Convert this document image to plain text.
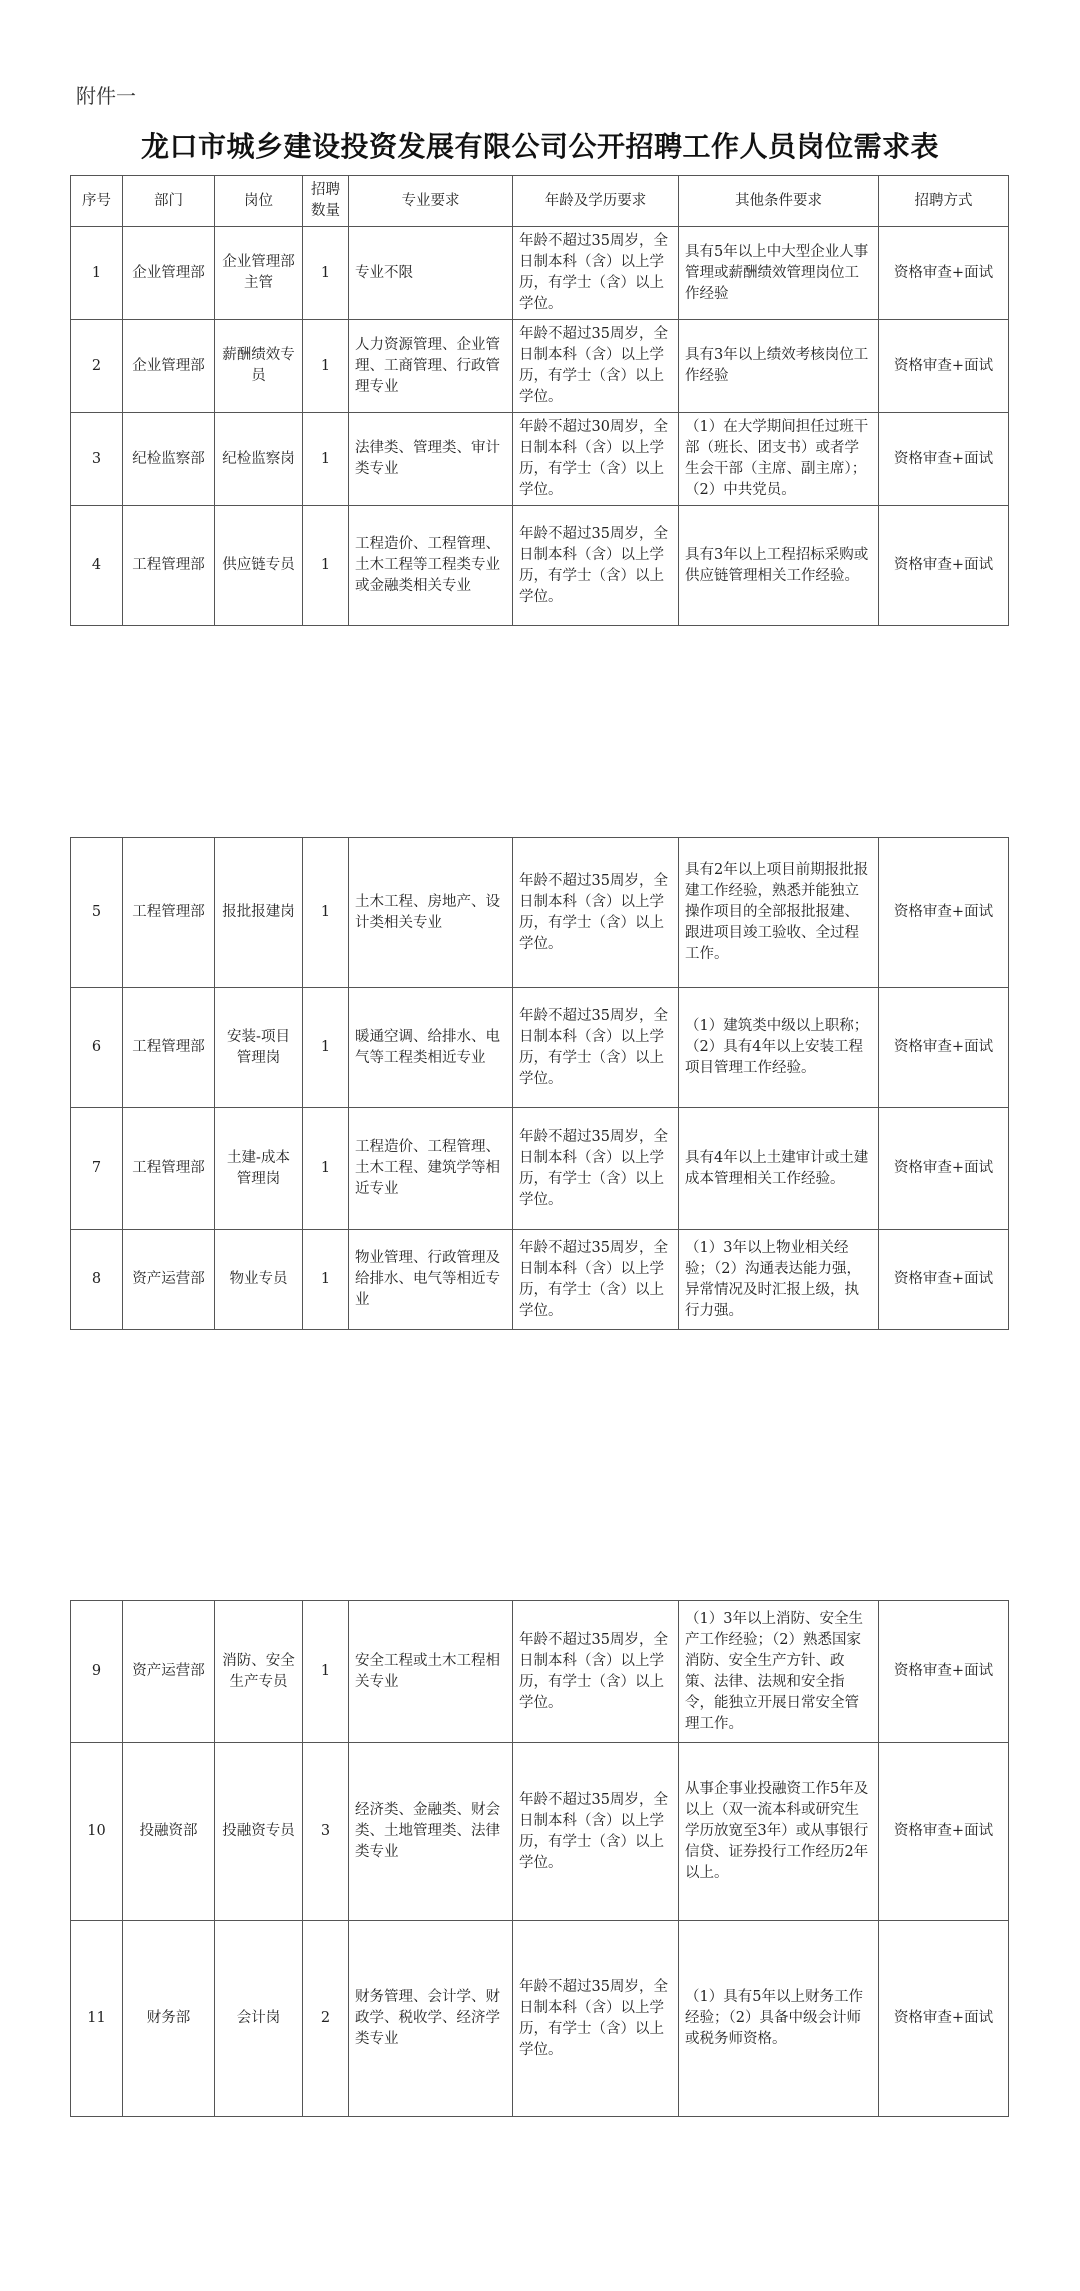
附件一
龙口市城乡建设投资发展有限公司公开招聘工作人员岗位需求表
序号	部门	岗位	招聘数量	专业要求	年龄及学历要求	其他条件要求	招聘方式
1	企业管理部	企业管理部主管	1	专业不限	年龄不超过35周岁，全日制本科（含）以上学历，有学士（含）以上学位。	具有5年以上中大型企业人事管理或薪酬绩效管理岗位工作经验	资格审查+面试
2	企业管理部	薪酬绩效专员	1	人力资源管理、企业管理、工商管理、行政管理专业	年龄不超过35周岁，全日制本科（含）以上学历，有学士（含）以上学位。	具有3年以上绩效考核岗位工作经验	资格审查+面试
3	纪检监察部	纪检监察岗	1	法律类、管理类、审计类专业	年龄不超过30周岁，全日制本科（含）以上学历，有学士（含）以上学位。	（1）在大学期间担任过班干部（班长、团支书）或者学生会干部（主席、副主席）；（2）中共党员。	资格审查+面试
4	工程管理部	供应链专员	1	工程造价、工程管理、土木工程等工程类专业或金融类相关专业	年龄不超过35周岁，全日制本科（含）以上学历，有学士（含）以上学位。	具有3年以上工程招标采购或供应链管理相关工作经验。	资格审查+面试
5	工程管理部	报批报建岗	1	土木工程、房地产、设计类相关专业	年龄不超过35周岁，全日制本科（含）以上学历，有学士（含）以上学位。	具有2年以上项目前期报批报建工作经验，熟悉并能独立操作项目的全部报批报建、跟进项目竣工验收、全过程工作。	资格审查+面试
6	工程管理部	安装-项目管理岗	1	暖通空调、给排水、电气等工程类相近专业	年龄不超过35周岁，全日制本科（含）以上学历，有学士（含）以上学位。	（1）建筑类中级以上职称；（2）具有4年以上安装工程项目管理工作经验。	资格审查+面试
7	工程管理部	土建-成本管理岗	1	工程造价、工程管理、土木工程、建筑学等相近专业	年龄不超过35周岁，全日制本科（含）以上学历，有学士（含）以上学位。	具有4年以上土建审计或土建成本管理相关工作经验。	资格审查+面试
8	资产运营部	物业专员	1	物业管理、行政管理及给排水、电气等相近专业	年龄不超过35周岁，全日制本科（含）以上学历，有学士（含）以上学位。	（1）3年以上物业相关经验；（2）沟通表达能力强，异常情况及时汇报上级，执行力强。	资格审查+面试
9	资产运营部	消防、安全生产专员	1	安全工程或土木工程相关专业	年龄不超过35周岁，全日制本科（含）以上学历，有学士（含）以上学位。	（1）3年以上消防、安全生产工作经验；（2）熟悉国家消防、安全生产方针、政策、法律、法规和安全指令，能独立开展日常安全管理工作。	资格审查+面试
10	投融资部	投融资专员	3	经济类、金融类、财会类、土地管理类、法律类专业	年龄不超过35周岁，全日制本科（含）以上学历，有学士（含）以上学位。	从事企事业投融资工作5年及以上（双一流本科或研究生学历放宽至3年）或从事银行信贷、证券投行工作经历2年以上。	资格审查+面试
11	财务部	会计岗	2	财务管理、会计学、财政学、税收学、经济学类专业	年龄不超过35周岁，全日制本科（含）以上学历，有学士（含）以上学位。	（1）具有5年以上财务工作经验；（2）具备中级会计师或税务师资格。	资格审查+面试
